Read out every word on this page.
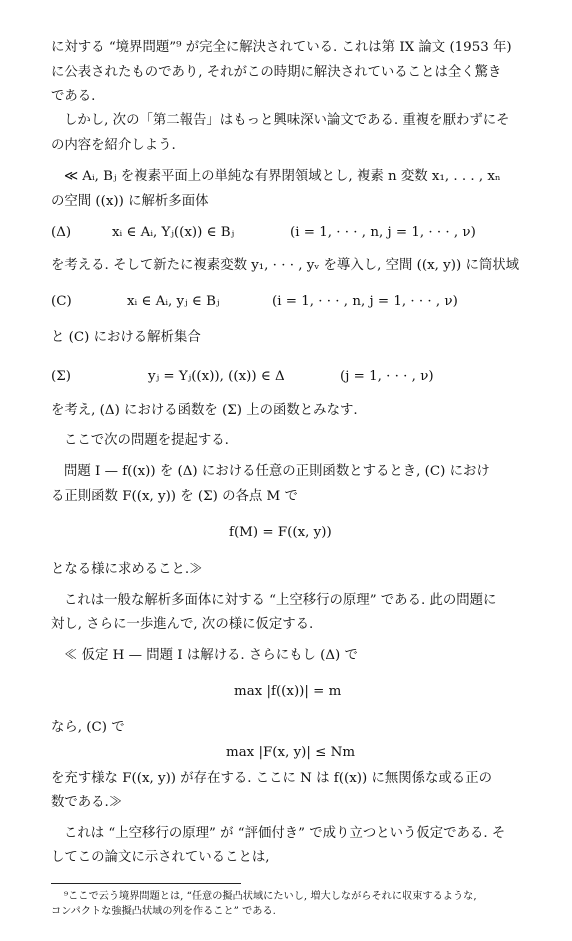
に対する “境界問題”⁹ が完全に解決されている. これは第 IX 論文 (1953 年)
に公表されたものであり, それがこの時期に解決されていることは全く驚き
である.
しかし, 次の「第二報告」はもっと興味深い論文である. 重複を厭わずにそ
の内容を紹介しよう.
≪ Aᵢ, Bⱼ を複素平面上の単純な有界閉領域とし, 複素 n 変数 x₁, . . . , xₙ
の空間 ((x)) に解析多面体
(Δ)	xᵢ ∈ Aᵢ, Yⱼ((x)) ∈ Bⱼ	(i = 1, · · · , n, j = 1, · · · , ν)
を考える. そして新たに複素変数 y₁, · · · , yᵥ を導入し, 空間 ((x, y)) に筒状域
(C)	xᵢ ∈ Aᵢ, yⱼ ∈ Bⱼ	(i = 1, · · · , n, j = 1, · · · , ν)
と (C) における解析集合
(Σ)	yⱼ = Yⱼ((x)), ((x)) ∈ Δ	(j = 1, · · · , ν)
を考え, (Δ) における函数を (Σ) 上の函数とみなす.
ここで次の問題を提起する.
問題 I — f((x)) を (Δ) における任意の正則函数とするとき, (C) におけ
る正則函数 F((x, y)) を (Σ) の各点 M で
f(M) = F((x, y))
となる様に求めること.≫
これは一般な解析多面体に対する “上空移行の原理” である. 此の問題に
対し, さらに一歩進んで, 次の様に仮定する.
≪ 仮定 H — 問題 I は解ける. さらにもし (Δ) で
max |f((x))| = m
なら, (C) で
max |F(x, y)| ≤ Nm
を充す様な F((x, y)) が存在する. ここに N は f((x)) に無関係な或る正の
数である.≫
これは “上空移行の原理” が “評価付き” で成り立つという仮定である. そ
してこの論文に示されていることは,
⁹ここで云う境界問題とは, “任意の擬凸状域にたいし, 増大しながらそれに収束するような,
コンパクトな強擬凸状域の列を作ること” である.
